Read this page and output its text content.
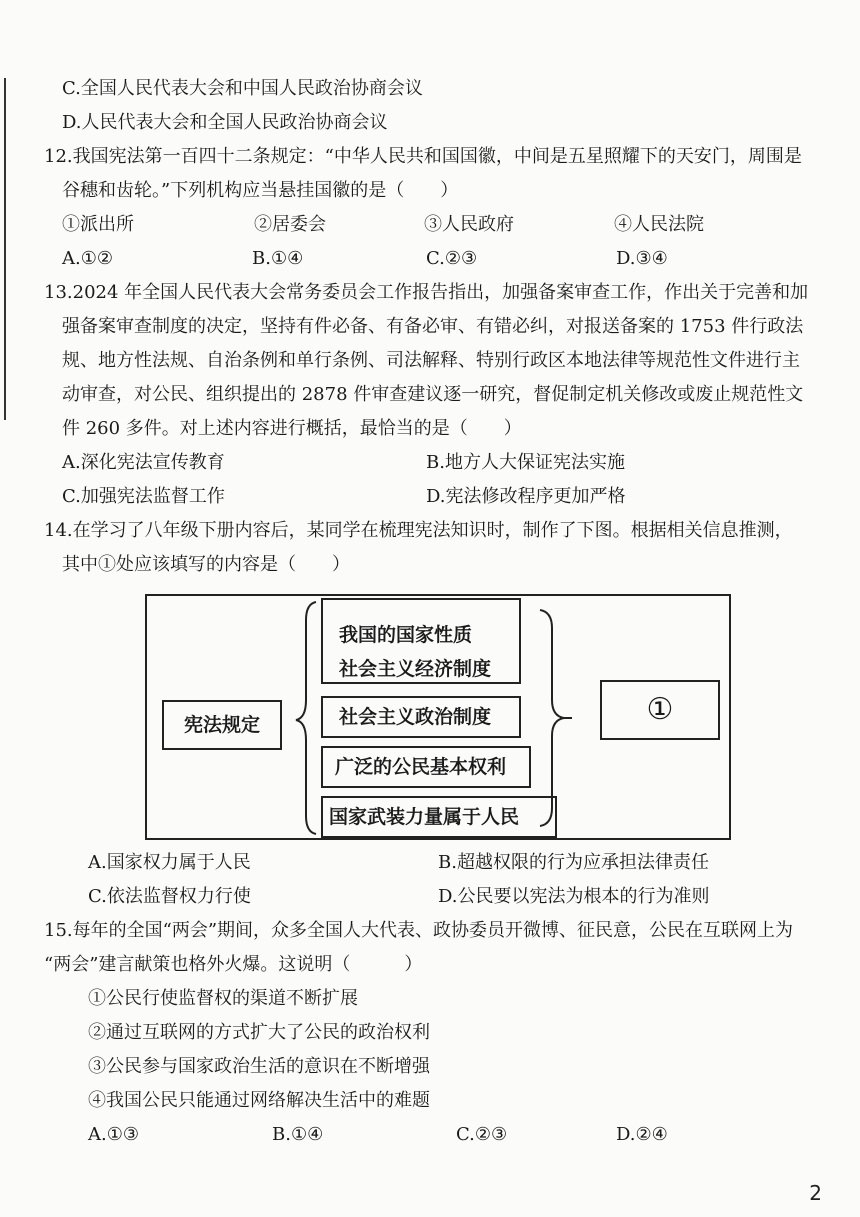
C.全国人民代表大会和中国人民政治协商会议
D.人民代表大会和全国人民政治协商会议
12.我国宪法第一百四十二条规定：“中华人民共和国国徽，中间是五星照耀下的天安门，周围是
谷穗和齿轮。”下列机构应当悬挂国徽的是（　　）
①派出所	②居委会	③人民政府	④人民法院
A.①②	B.①④	C.②③	D.③④
13.2024 年全国人民代表大会常务委员会工作报告指出，加强备案审查工作，作出关于完善和加
强备案审查制度的决定，坚持有件必备、有备必审、有错必纠，对报送备案的 1753 件行政法
规、地方性法规、自治条例和单行条例、司法解释、特别行政区本地法律等规范性文件进行主
动审查，对公民、组织提出的 2878 件审查建议逐一研究，督促制定机关修改或废止规范性文
件 260 多件。对上述内容进行概括，最恰当的是（　　）
A.深化宪法宣传教育	B.地方人大保证宪法实施
C.加强宪法监督工作	D.宪法修改程序更加严格
14.在学习了八年级下册内容后，某同学在梳理宪法知识时，制作了下图。根据相关信息推测，
其中①处应该填写的内容是（　　）
宪法规定
我国的国家性质
社会主义经济制度
社会主义政治制度
广泛的公民基本权利
国家武装力量属于人民
①
A.国家权力属于人民	B.超越权限的行为应承担法律责任
C.依法监督权力行使	D.公民要以宪法为根本的行为准则
15.每年的全国“两会”期间，众多全国人大代表、政协委员开微博、征民意，公民在互联网上为
“两会”建言献策也格外火爆。这说明（　　　）
①公民行使监督权的渠道不断扩展
②通过互联网的方式扩大了公民的政治权利
③公民参与国家政治生活的意识在不断增强
④我国公民只能通过网络解决生活中的难题
A.①③	B.①④	C.②③	D.②④
2
